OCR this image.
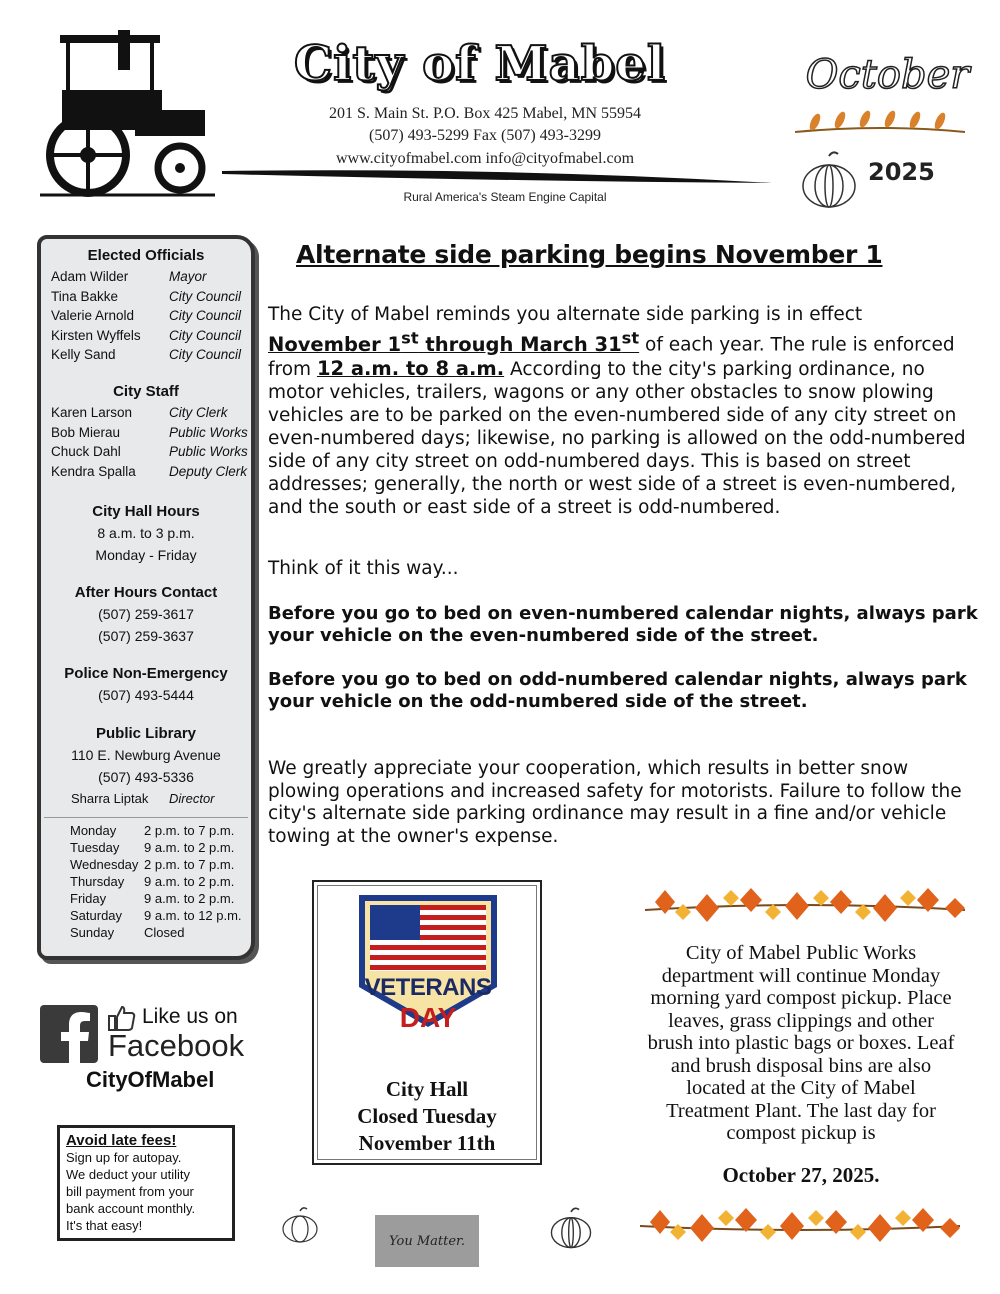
City of Mabel
201 S. Main St. P.O. Box 425 Mabel, MN 55954
(507) 493-5299 Fax (507) 493-3299
www.cityofmabel.com info@cityofmabel.com
Rural America's Steam Engine Capital
October
2025
Elected Officials
Adam Wilder	Mayor
Tina Bakke	City Council
Valerie Arnold	City Council
Kirsten Wyffels City Council
Kelly Sand	City Council
City Staff
Karen Larson	City Clerk
Bob Mierau	Public Works
Chuck Dahl	Public Works
Kendra Spalla Deputy Clerk
City Hall Hours
8 a.m. to 3 p.m.
Monday - Friday
After Hours Contact
(507) 259-3617
(507) 259-3637
Police Non-Emergency
(507) 493-5444
Public Library
110 E. Newburg Avenue
(507) 493-5336
Sharra Liptak Director
Monday 2 p.m. to 7 p.m.
Tuesday 9 a.m. to 2 p.m.
Wednesday 2 p.m. to 7 p.m.
Thursday 9 a.m. to 2 p.m.
Friday	9 a.m. to 2 p.m.
Saturday 9 a.m. to 12 p.m.
Sunday Closed
Like us on
Facebook
CityOfMabel
Avoid late fees!
Sign up for autopay.
We deduct your utility
bill payment from your
bank account monthly.
It's that easy!
Alternate side parking begins November 1
The City of Mabel reminds you alternate side parking is in effect November 1st through March 31st of each year. The rule is enforced from 12 a.m. to 8 a.m. According to the city's parking ordinance, no motor vehicles, trailers, wagons or any other obstacles to snow plowing vehicles are to be parked on the even-numbered side of any city street on even-numbered days; likewise, no parking is allowed on the odd-numbered side of any city street on odd-numbered days. This is based on street addresses; generally, the north or west side of a street is even-numbered, and the south or east side of a street is odd-numbered.
Think of it this way...
Before you go to bed on even-numbered calendar nights, always park your vehicle on the even-numbered side of the street.
Before you go to bed on odd-numbered calendar nights, always park your vehicle on the odd-numbered side of the street.
We greatly appreciate your cooperation, which results in better snow plowing operations and increased safety for motorists. Failure to follow the city's alternate side parking ordinance may result in a fine and/or vehicle towing at the owner's expense.
VETERANS
DAY
City Hall
Closed Tuesday
November 11th
City of Mabel Public Works department will continue Monday morning yard compost pickup. Place leaves, grass clippings and other brush into plastic bags or boxes. Leaf and brush disposal bins are also located at the City of Mabel Treatment Plant. The last day for compost pickup is
October 27, 2025.
You Matter.
